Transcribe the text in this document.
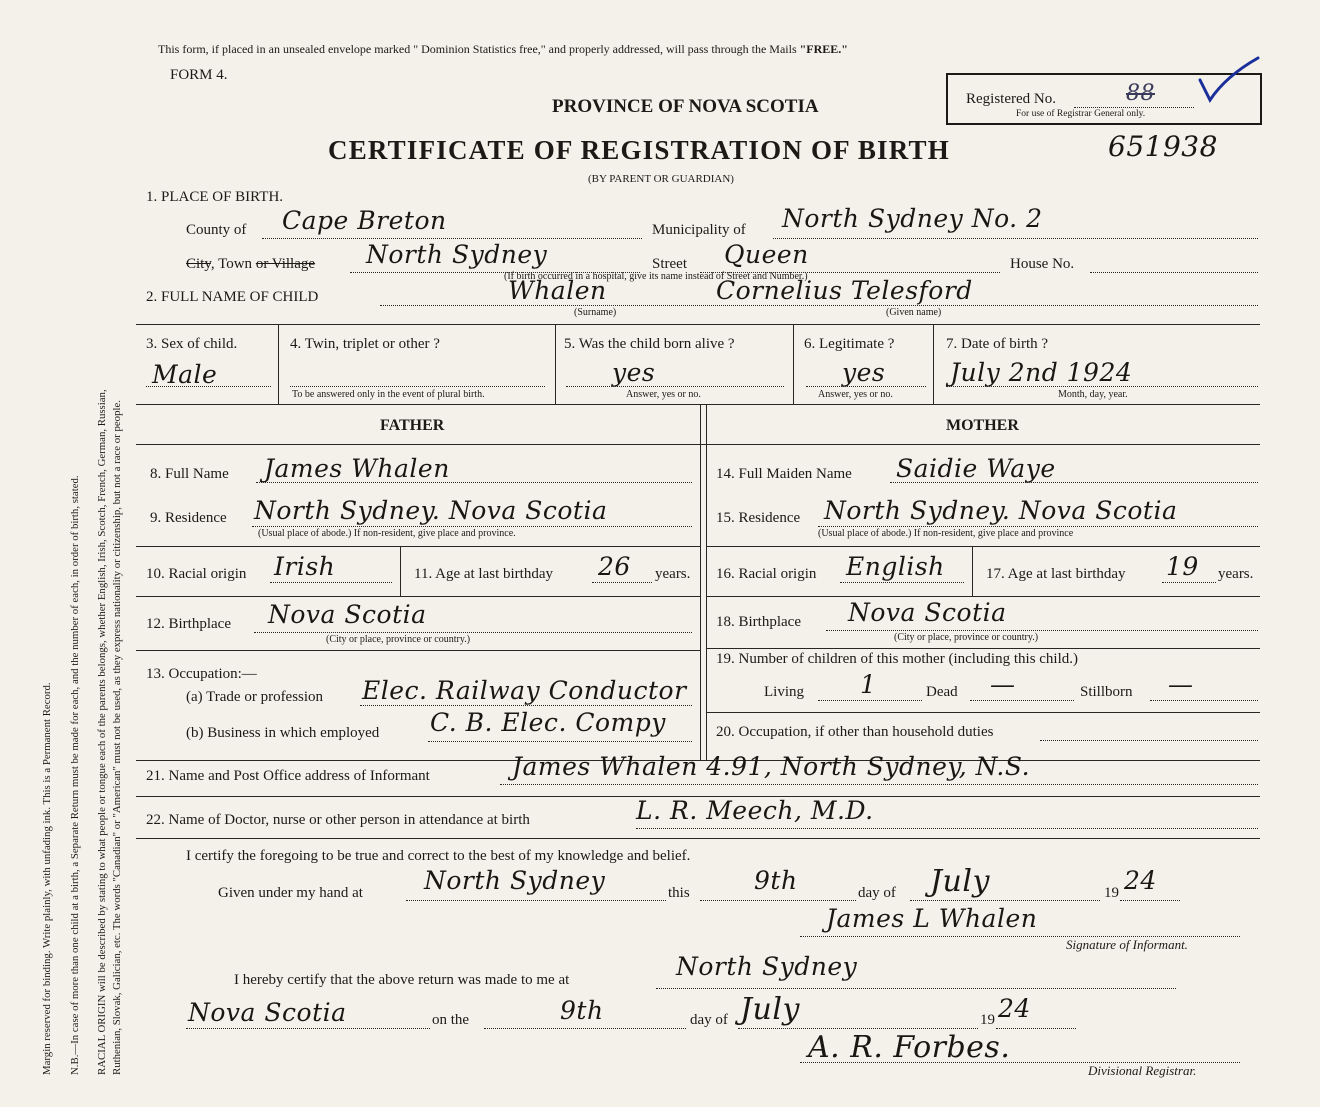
Margin reserved for binding. Write plainly, with unfading ink. This is a Permanent Record. N.B.—In case of more than one child at a birth, a Separate Return must be made for each, and the number of each, in order of birth, stated. RACIAL ORIGIN will be described by stating to what people or tongue each of the parents belongs, whether English, Irish, Scotch, French, German, Russian, Ruthenian, Slovak, Galician, etc. The words "Canadian" or "American" must not be used, as they express nationality or citizenship, but not a race or people.
This form, if placed in an unsealed envelope marked " Dominion Statistics free," and properly addressed, will pass through the Mails "FREE."
FORM 4.
PROVINCE OF NOVA SCOTIA
CERTIFICATE OF REGISTRATION OF BIRTH
(BY PARENT OR GUARDIAN)
Registered No.	88
For use of Registrar General only.
651938
1. PLACE OF BIRTH.
County of Cape Breton	Municipality of North Sydney No. 2
City, Town or Village North Sydney	Street Queen	House No.
(If birth occurred in a hospital, give its name instead of Street and Number.)
2. FULL NAME OF CHILD	Whalen	Cornelius Telesford
(Surname)	(Given name)
3. Sex of child.
Male
4. Twin, triplet or other ?
To be answered only in the event of plural birth.
5. Was the child born alive ?
yes
Answer, yes or no.
6. Legitimate ?
yes
Answer, yes or no.
7. Date of birth ?
July 2nd 1924
Month, day, year.
FATHER	MOTHER
8. Full Name James Whalen
9. Residence North Sydney. Nova Scotia
(Usual place of abode.) If non-resident, give place and province.
10. Racial origin Irish	11. Age at last birthday 26 years.
12. Birthplace Nova Scotia
(City or place, province or country.)
13. Occupation:—
(a) Trade or profession Elec. Railway Conductor
(b) Business in which employed C. B. Elec. Compy
14. Full Maiden Name Saidie Waye
15. Residence North Sydney. Nova Scotia
(Usual place of abode.) If non-resident, give place and province
16. Racial origin English	17. Age at last birthday 19 years.
18. Birthplace Nova Scotia
(City or place, province or country.)
19. Number of children of this mother (including this child.)
Living 1	Dead —	Stillborn —
20. Occupation, if other than household duties
21. Name and Post Office address of Informant	James Whalen 4.91, North Sydney, N.S.
22. Name of Doctor, nurse or other person in attendance at birth	L. R. Meech, M.D.
I certify the foregoing to be true and correct to the best of my knowledge and belief.
Given under my hand at North Sydney	this	9th	day of July	19 24
James L Whalen
Signature of Informant.
I hereby certify that the above return was made to me at	North Sydney
Nova Scotia	on the	9th	day of July	19 24
A. R. Forbes.
Divisional Registrar.
